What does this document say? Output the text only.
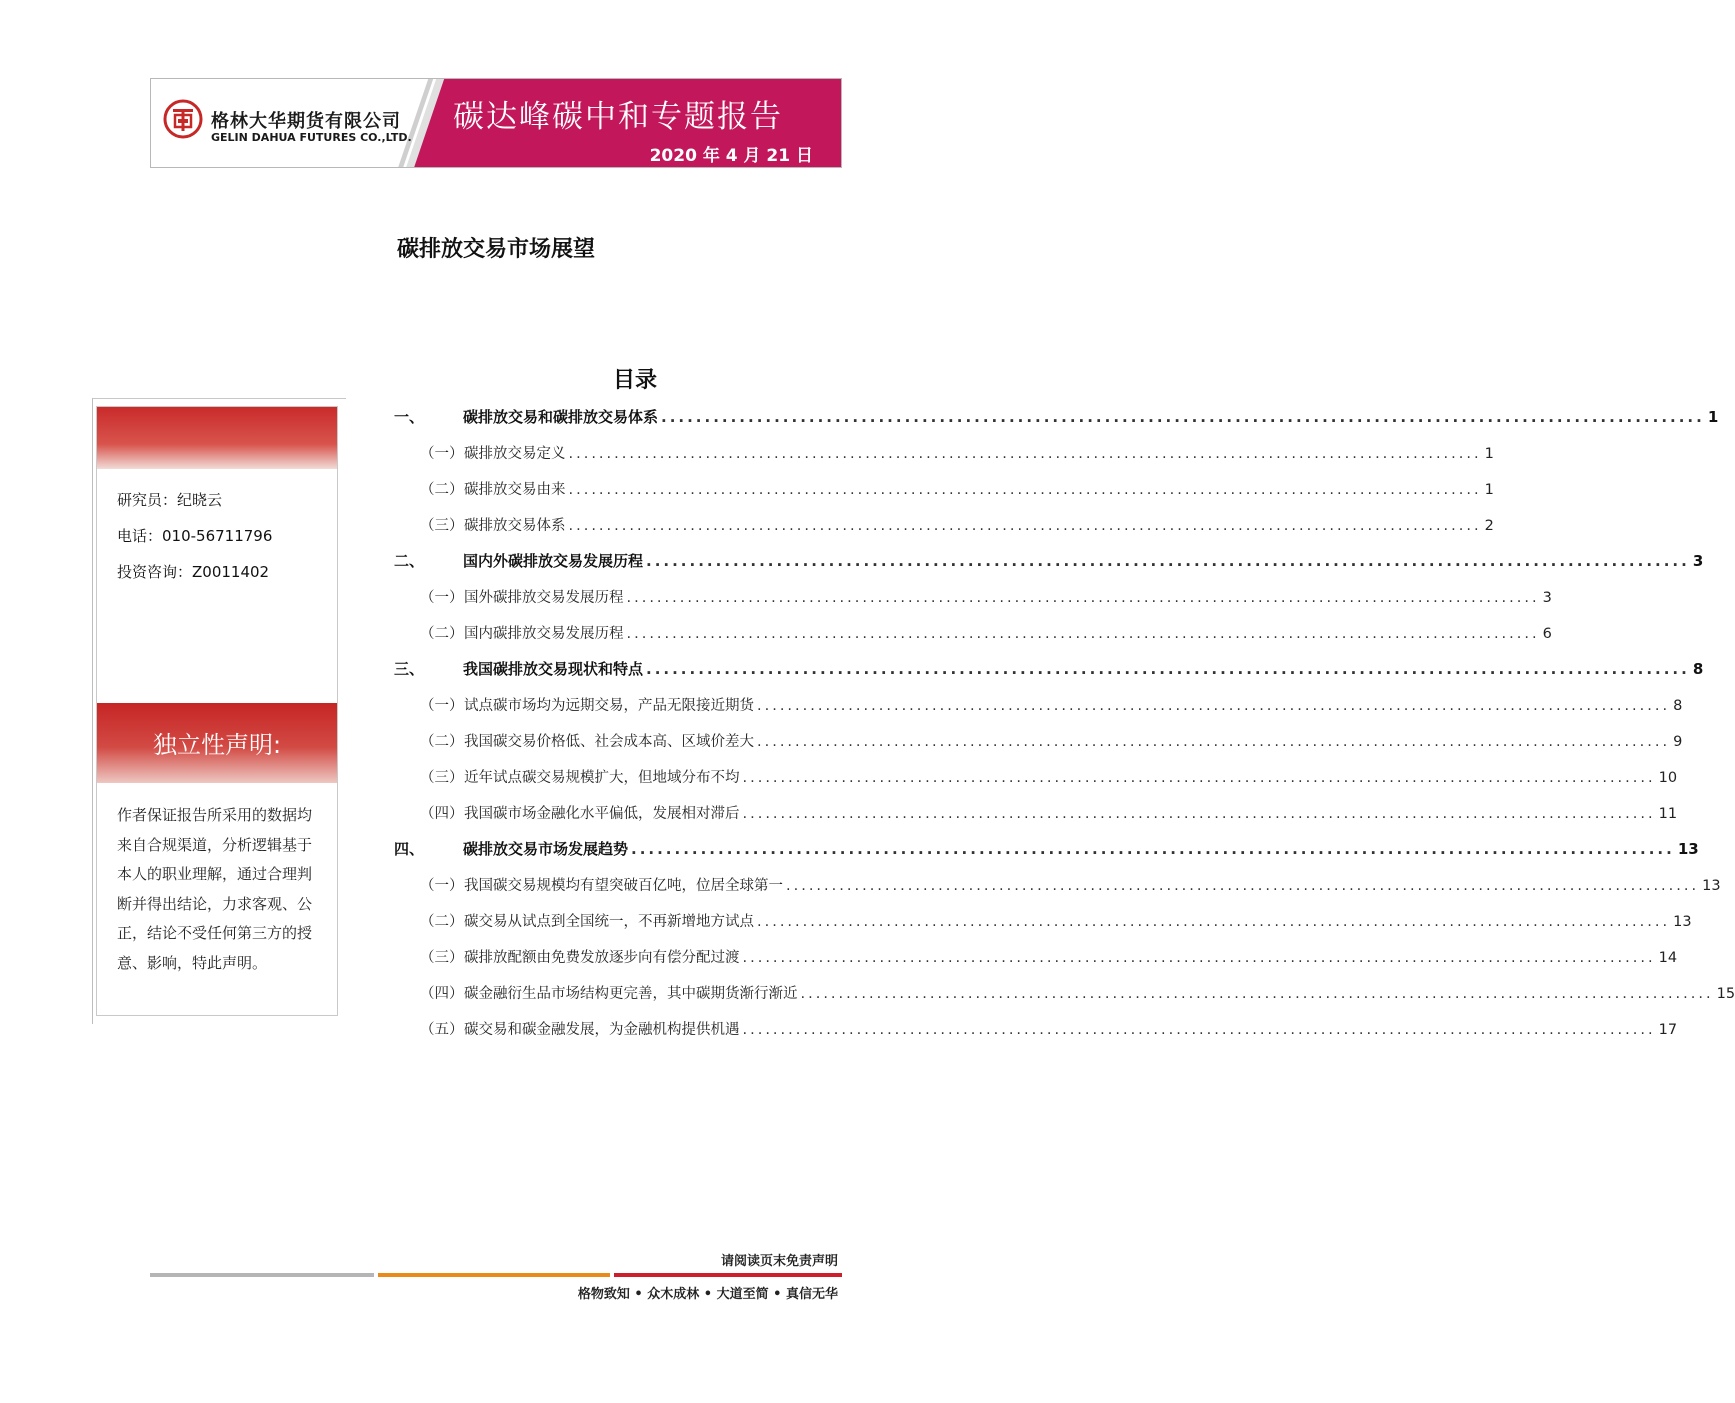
格林大华期货有限公司
GELIN DAHUA FUTURES CO.,LTD.
碳达峰碳中和专题报告
2020 年 4 月 21 日
碳排放交易市场展望
研究员：纪晓云
电话：010-56711796
投资咨询：Z0011402
独立性声明:
作者保证报告所采用的数据均来自合规渠道，分析逻辑基于本人的职业理解，通过合理判断并得出结论，力求客观、公正，结论不受任何第三方的授意、影响，特此声明。
目录
一、	碳排放交易和碳排放交易体系 ........................................................................................................................ 1
（一） 碳排放交易定义 ........................................................................................................................ 1
（二） 碳排放交易由来 ........................................................................................................................ 1
（三） 碳排放交易体系 ........................................................................................................................ 2
二、	国内外碳排放交易发展历程 ........................................................................................................................ 3
（一） 国外碳排放交易发展历程 ........................................................................................................................ 3
（二） 国内碳排放交易发展历程 ........................................................................................................................ 6
三、	我国碳排放交易现状和特点 ........................................................................................................................ 8
（一） 试点碳市场均为远期交易，产品无限接近期货 ........................................................................................................................ 8
（二） 我国碳交易价格低、社会成本高、区域价差大 ........................................................................................................................ 9
（三） 近年试点碳交易规模扩大，但地域分布不均 ........................................................................................................................ 10
（四） 我国碳市场金融化水平偏低，发展相对滞后 ........................................................................................................................ 11
四、	碳排放交易市场发展趋势 ........................................................................................................................ 13
（一） 我国碳交易规模均有望突破百亿吨，位居全球第一 ........................................................................................................................ 13
（二） 碳交易从试点到全国统一，不再新增地方试点 ........................................................................................................................ 13
（三） 碳排放配额由免费发放逐步向有偿分配过渡 ........................................................................................................................ 14
（四） 碳金融衍生品市场结构更完善，其中碳期货渐行渐近 ........................................................................................................................ 15
（五） 碳交易和碳金融发展，为金融机构提供机遇 ........................................................................................................................ 17
请阅读页末免责声明
格物致知 • 众木成林 • 大道至简 • 真信无华
